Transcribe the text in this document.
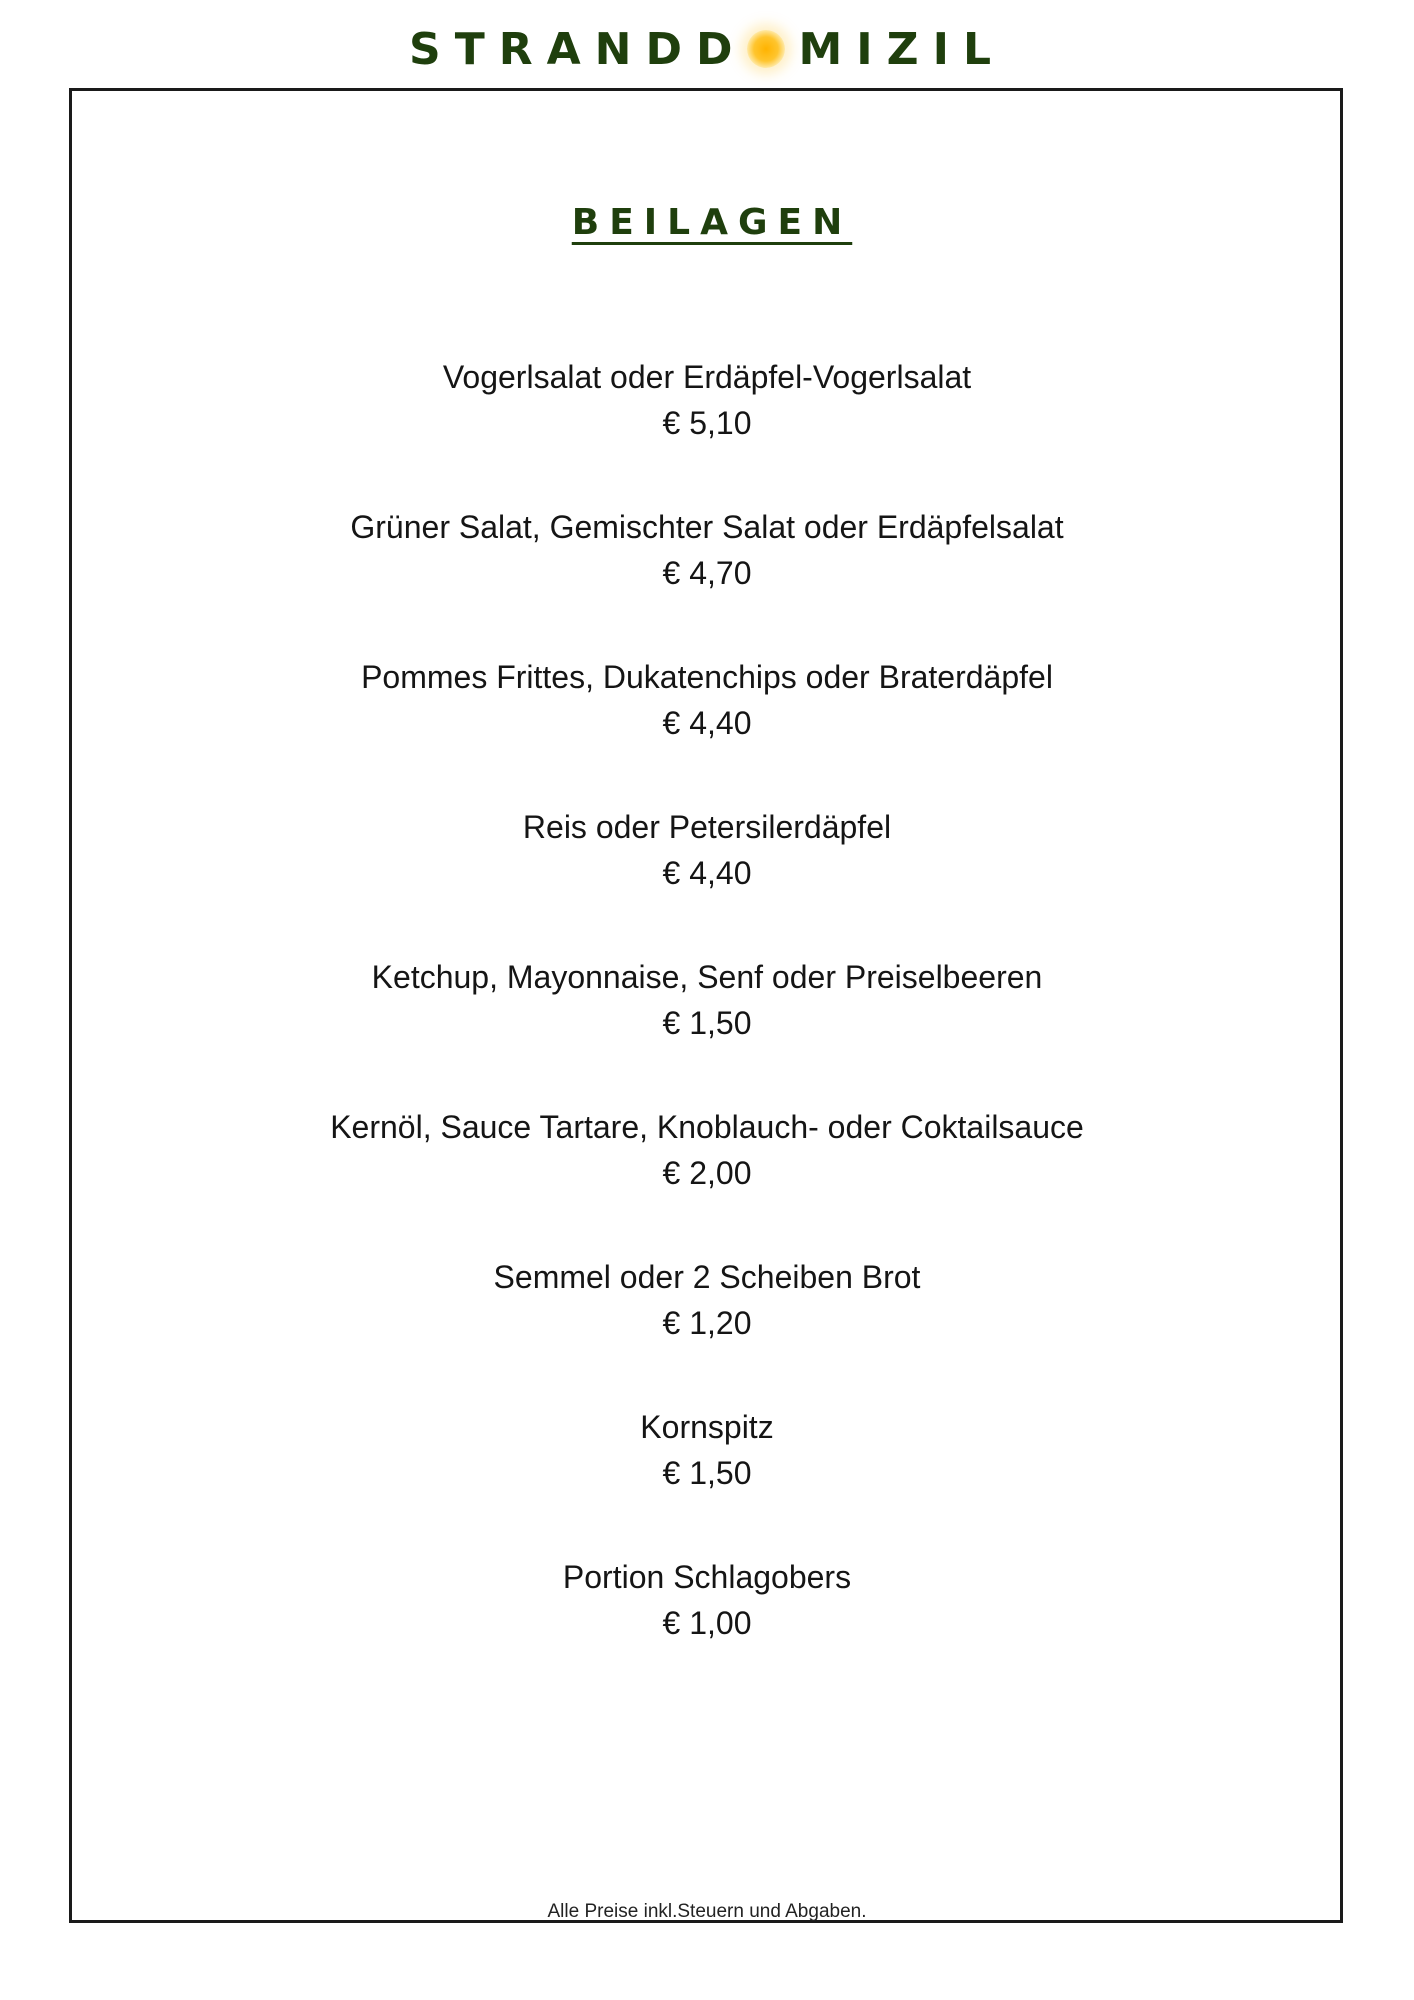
STRANDD MIZIL
BEILAGEN
Vogerlsalat oder Erdäpfel-Vogerlsalat
€ 5,10
Grüner Salat, Gemischter Salat oder Erdäpfelsalat
€ 4,70
Pommes Frittes, Dukatenchips oder Braterdäpfel
€ 4,40
Reis oder Petersilerdäpfel
€ 4,40
Ketchup, Mayonnaise, Senf oder Preiselbeeren
€ 1,50
Kernöl, Sauce Tartare, Knoblauch- oder Coktailsauce
€ 2,00
Semmel oder 2 Scheiben Brot
€ 1,20
Kornspitz
€ 1,50
Portion Schlagobers
€ 1,00
Alle Preise inkl.Steuern und Abgaben.
